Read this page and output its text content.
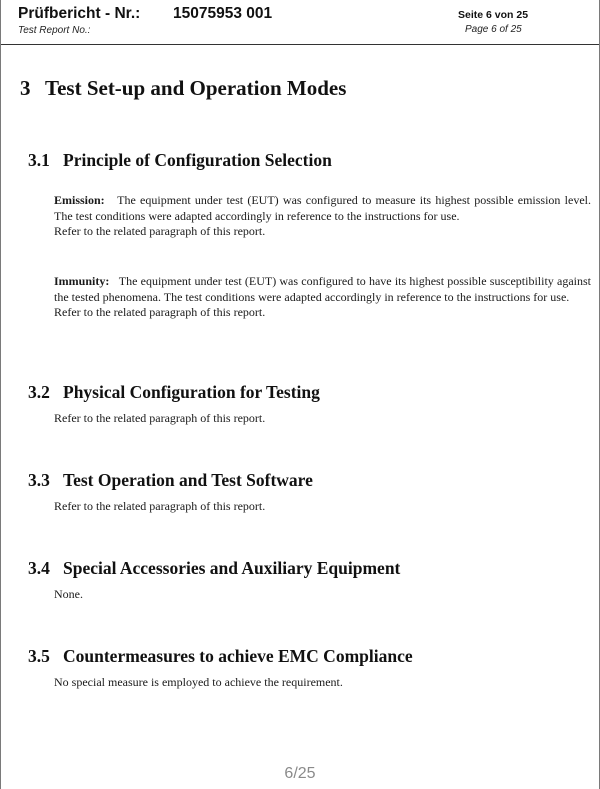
Prüfbericht - Nr.: 15075953 001
Test Report No.:
Seite 6 von 25
Page 6 of 25
3 Test Set-up and Operation Modes
3.1 Principle of Configuration Selection
Emission: The equipment under test (EUT) was configured to measure its highest possible emission level. The test conditions were adapted accordingly in reference to the instructions for use.
Refer to the related paragraph of this report.
Immunity: The equipment under test (EUT) was configured to have its highest possible susceptibility against the tested phenomena. The test conditions were adapted accordingly in reference to the instructions for use.
Refer to the related paragraph of this report.
3.2 Physical Configuration for Testing
Refer to the related paragraph of this report.
3.3 Test Operation and Test Software
Refer to the related paragraph of this report.
3.4 Special Accessories and Auxiliary Equipment
None.
3.5 Countermeasures to achieve EMC Compliance
No special measure is employed to achieve the requirement.
6/25
